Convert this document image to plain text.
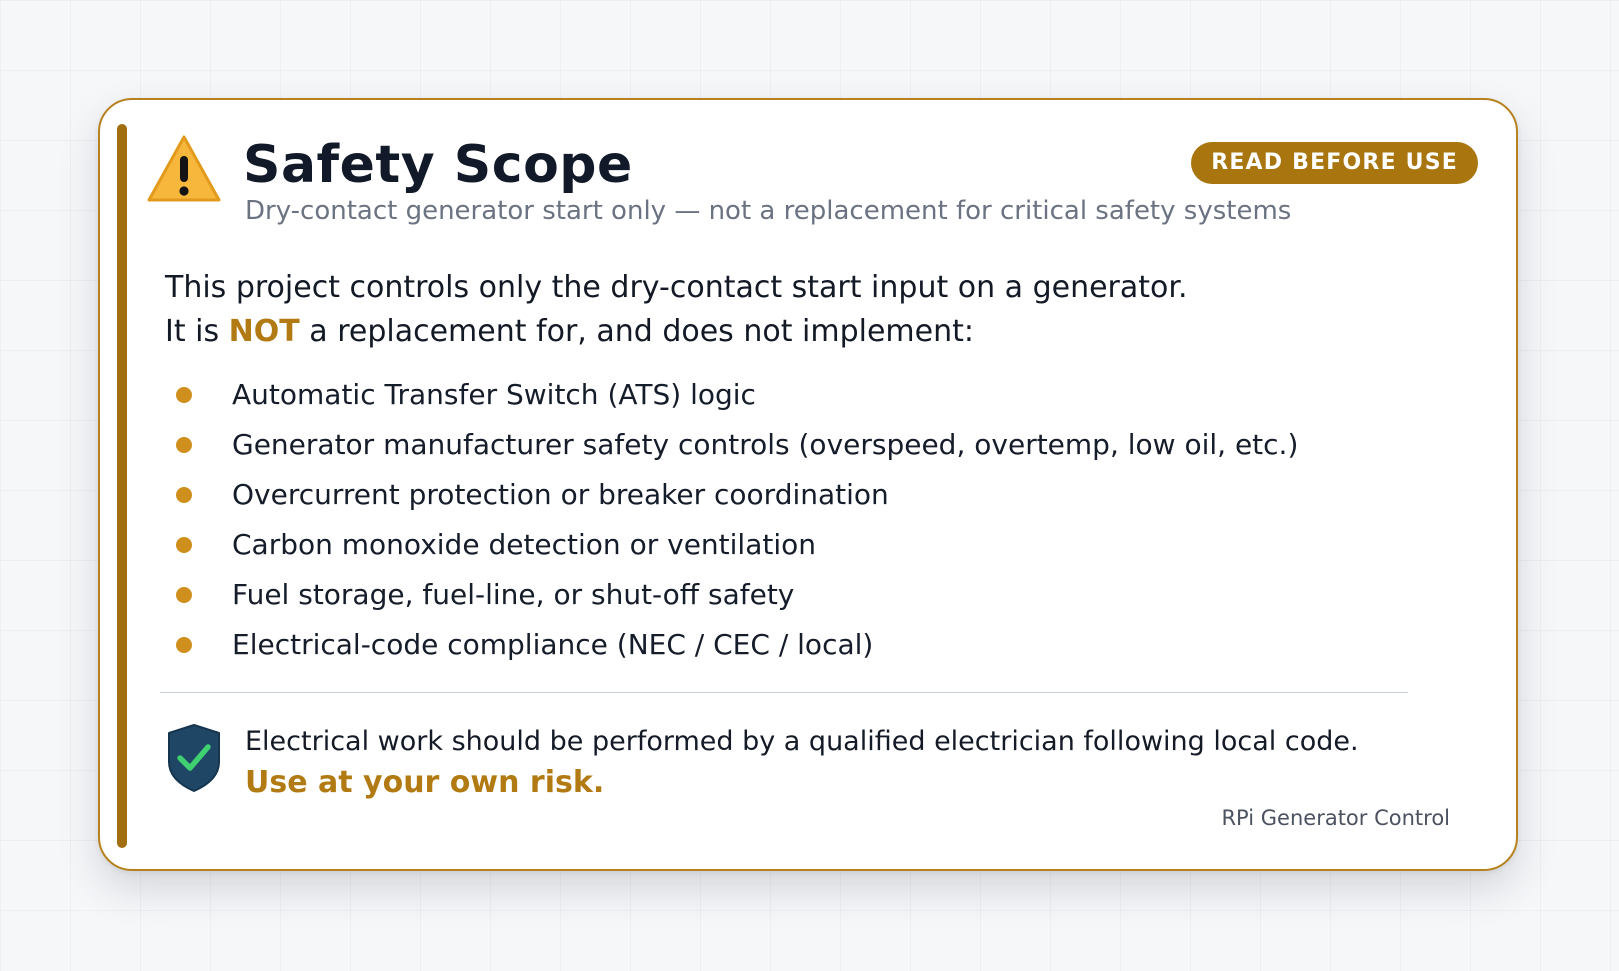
Safety Scope
Dry-contact generator start only — not a replacement for critical safety systems
READ BEFORE USE
This project controls only the dry-contact start input on a generator.
It is NOT a replacement for, and does not implement:
Automatic Transfer Switch (ATS) logic
Generator manufacturer safety controls (overspeed, overtemp, low oil, etc.)
Overcurrent protection or breaker coordination
Carbon monoxide detection or ventilation
Fuel storage, fuel-line, or shut-off safety
Electrical-code compliance (NEC / CEC / local)
Electrical work should be performed by a qualified electrician following local code.
Use at your own risk.
RPi Generator Control
